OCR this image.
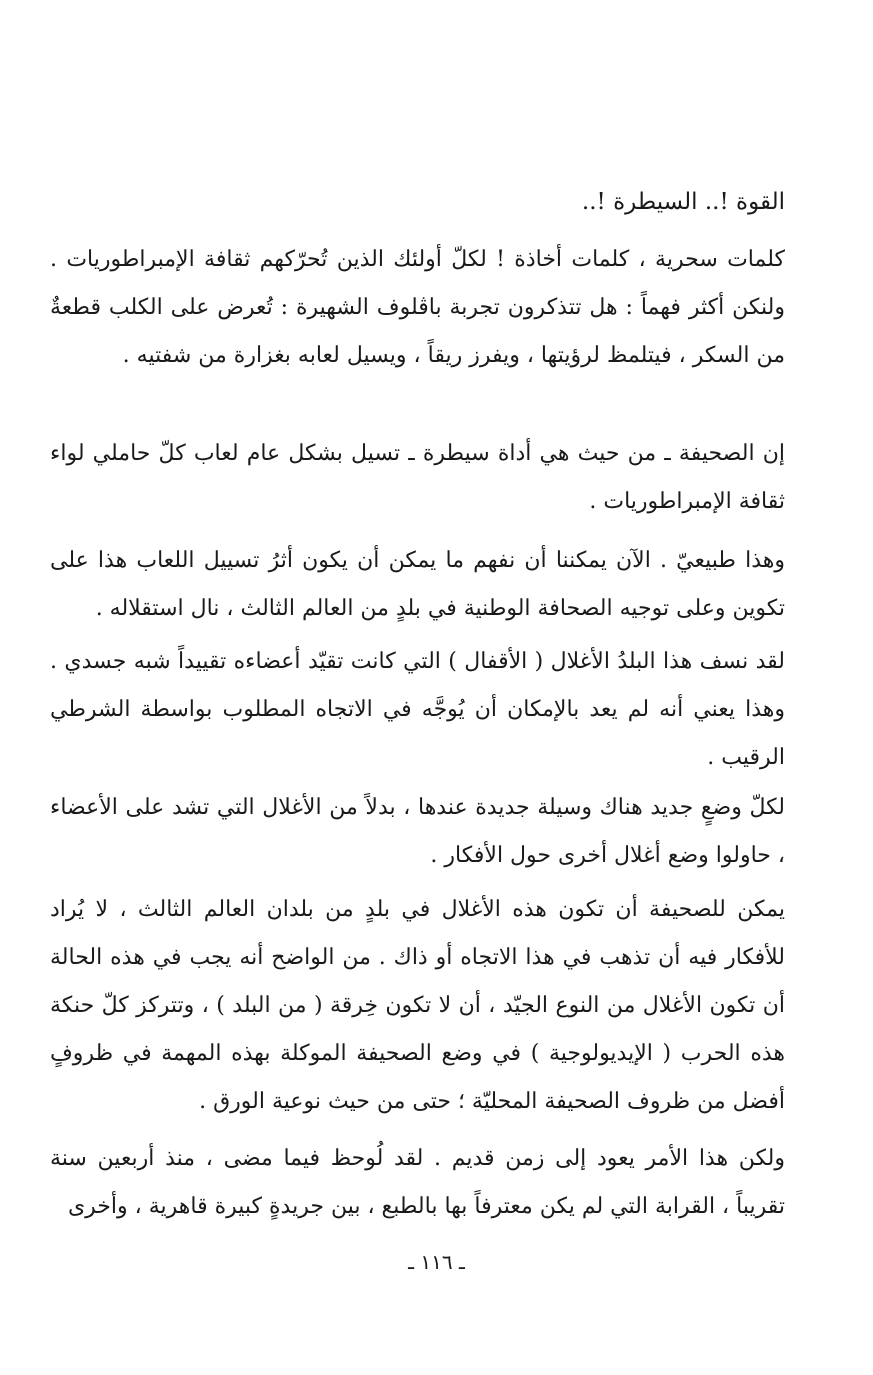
القوة !.. السيطرة !..
كلمات سحرية ، كلمات أخاذة ! لكلّ أولئك الذين تُحرّكهم ثقافة الإمبراطوريات . ولنكن أكثر فهماً : هل تتذكرون تجربة باڤلوف الشهيرة : تُعرض على الكلب قطعةٌ من السكر ، فيتلمظ لرؤيتها ، ويفرز ريقاً ، ويسيل لعابه بغزارة من شفتيه .
إن الصحيفة ـ من حيث هي أداة سيطرة ـ تسيل بشكل عام لعاب كلّ حاملي لواء ثقافة الإمبراطوريات .
وهذا طبيعيّ . الآن يمكننا أن نفهم ما يمكن أن يكون أثرُ تسييل اللعاب هذا على تكوين وعلى توجيه الصحافة الوطنية في بلدٍ من العالم الثالث ، نال استقلاله .
لقد نسف هذا البلدُ الأغلال ( الأقفال ) التي كانت تقيّد أعضاءه تقييداً شبه جسدي . وهذا يعني أنه لم يعد بالإمكان أن يُوجَّه في الاتجاه المطلوب بواسطة الشرطي الرقيب .
لكلّ وضعٍ جديد هناك وسيلة جديدة عندها ، بدلاً من الأغلال التي تشد على الأعضاء ، حاولوا وضع أغلال أخرى حول الأفكار .
يمكن للصحيفة أن تكون هذه الأغلال في بلدٍ من بلدان العالم الثالث ، لا يُراد للأفكار فيه أن تذهب في هذا الاتجاه أو ذاك . من الواضح أنه يجب في هذه الحالة أن تكون الأغلال من النوع الجيّد ، أن لا تكون خِرقة ( من البلد ) ، وتتركز كلّ حنكة هذه الحرب ( الإيديولوجية ) في وضع الصحيفة الموكلة بهذه المهمة في ظروفٍ أفضل من ظروف الصحيفة المحليّة ؛ حتى من حيث نوعية الورق .
ولكن هذا الأمر يعود إلى زمن قديم . لقد لُوحظ فيما مضى ، منذ أربعين سنة تقريباً ، القرابة التي لم يكن معترفاً بها بالطبع ، بين جريدةٍ كبيرة قاهرية ، وأخرى
ـ ١١٦ ـ
